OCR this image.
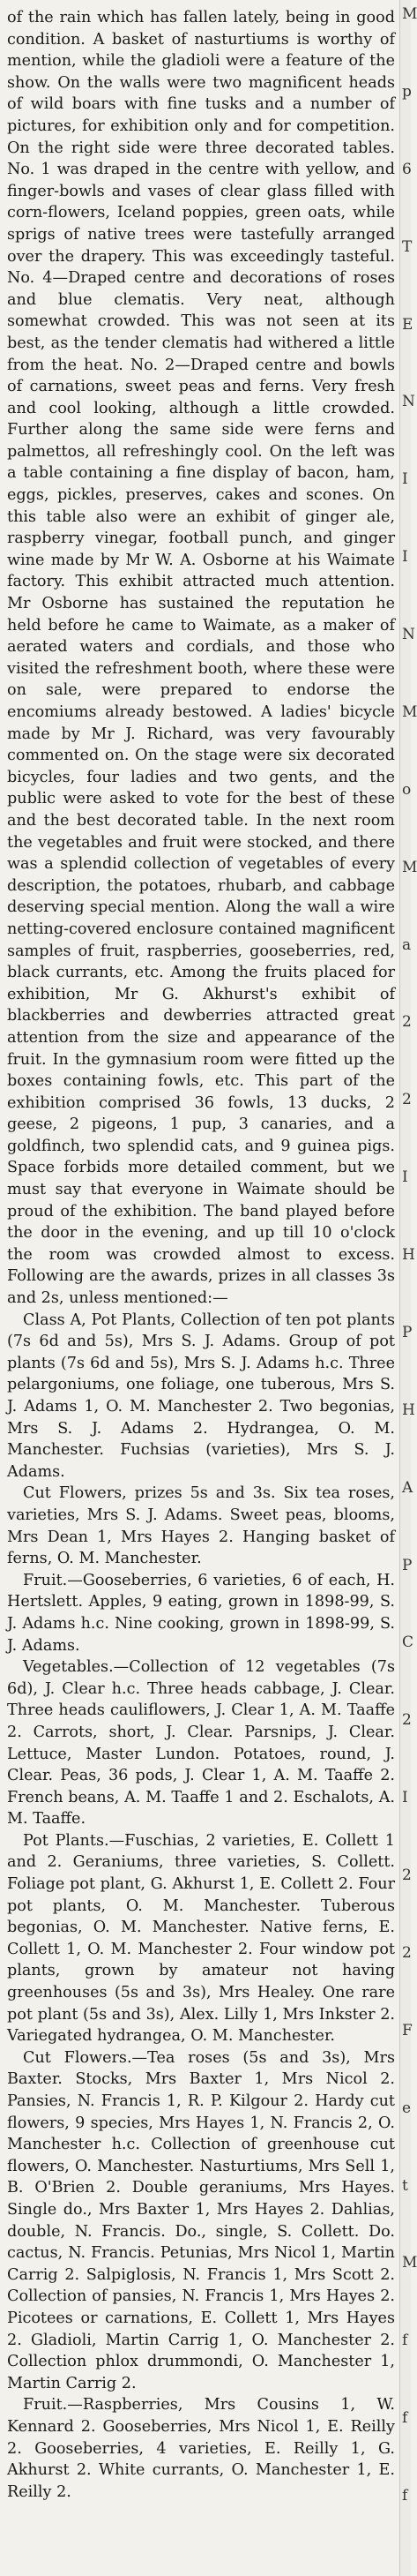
of the rain which has fallen lately, being in good condition. A basket of nasturtiums is worthy of mention, while the gladioli were a feature of the show. On the walls were two magnificent heads of wild boars with fine tusks and a number of pictures, for exhibition only and for competition. On the right side were three decorated tables. No. 1 was draped in the centre with yellow, and finger-bowls and vases of clear glass filled with corn-flowers, Iceland poppies, green oats, while sprigs of native trees were tastefully arranged over the drapery. This was exceedingly tasteful. No. 4—Draped centre and decorations of roses and blue clematis. Very neat, although somewhat crowded. This was not seen at its best, as the tender clematis had withered a little from the heat. No. 2—Draped centre and bowls of carnations, sweet peas and ferns. Very fresh and cool looking, although a little crowded. Further along the same side were ferns and palmettos, all refreshingly cool. On the left was a table containing a fine display of bacon, ham, eggs, pickles, preserves, cakes and scones. On this table also were an exhibit of ginger ale, raspberry vinegar, football punch, and ginger wine made by Mr W. A. Osborne at his Waimate factory. This exhibit attracted much attention. Mr Osborne has sustained the reputation he held before he came to Waimate, as a maker of aerated waters and cordials, and those who visited the refreshment booth, where these were on sale, were prepared to endorse the encomiums already bestowed. A ladies' bicycle made by Mr J. Richard, was very favourably commented on. On the stage were six decorated bicycles, four ladies and two gents, and the public were asked to vote for the best of these and the best decorated table. In the next room the vegetables and fruit were stocked, and there was a splendid collection of vegetables of every description, the potatoes, rhubarb, and cabbage deserving special mention. Along the wall a wire netting-covered enclosure contained magnificent samples of fruit, raspberries, gooseberries, red, black currants, etc. Among the fruits placed for exhibition, Mr G. Akhurst's exhibit of blackberries and dewberries attracted great attention from the size and appearance of the fruit. In the gymnasium room were fitted up the boxes containing fowls, etc. This part of the exhibition comprised 36 fowls, 13 ducks, 2 geese, 2 pigeons, 1 pup, 3 canaries, and a goldfinch, two splendid cats, and 9 guinea pigs. Space forbids more detailed comment, but we must say that everyone in Waimate should be proud of the exhibition. The band played before the door in the evening, and up till 10 o'clock the room was crowded almost to excess. Following are the awards, prizes in all classes 3s and 2s, unless mentioned:—

Class A, Pot Plants, Collection of ten pot plants (7s 6d and 5s), Mrs S. J. Adams. Group of pot plants (7s 6d and 5s), Mrs S. J. Adams h.c. Three pelargoniums, one foliage, one tuberous, Mrs S. J. Adams 1, O. M. Manchester 2. Two begonias, Mrs S. J. Adams 2. Hydrangea, O. M. Manchester. Fuchsias (varieties), Mrs S. J. Adams.

Cut Flowers, prizes 5s and 3s. Six tea roses, varieties, Mrs S. J. Adams. Sweet peas, blooms, Mrs Dean 1, Mrs Hayes 2. Hanging basket of ferns, O. M. Manchester.

Fruit.—Gooseberries, 6 varieties, 6 of each, H. Hertslett. Apples, 9 eating, grown in 1898-99, S. J. Adams h.c. Nine cooking, grown in 1898-99, S. J. Adams.

Vegetables.—Collection of 12 vegetables (7s 6d), J. Clear h.c. Three heads cabbage, J. Clear. Three heads cauliflowers, J. Clear 1, A. M. Taaffe 2. Carrots, short, J. Clear. Parsnips, J. Clear. Lettuce, Master Lundon. Potatoes, round, J. Clear. Peas, 36 pods, J. Clear 1, A. M. Taaffe 2. French beans, A. M. Taaffe 1 and 2. Eschalots, A. M. Taaffe.

Pot Plants.—Fuschias, 2 varieties, E. Collett 1 and 2. Geraniums, three varieties, S. Collett. Foliage pot plant, G. Akhurst 1, E. Collett 2. Four pot plants, O. M. Manchester. Tuberous begonias, O. M. Manchester. Native ferns, E. Collett 1, O. M. Manchester 2. Four window pot plants, grown by amateur not having greenhouses (5s and 3s), Mrs Healey. One rare pot plant (5s and 3s), Alex. Lilly 1, Mrs Inkster 2. Variegated hydrangea, O. M. Manchester.

Cut Flowers.—Tea roses (5s and 3s), Mrs Baxter. Stocks, Mrs Baxter 1, Mrs Nicol 2. Pansies, N. Francis 1, R. P. Kilgour 2. Hardy cut flowers, 9 species, Mrs Hayes 1, N. Francis 2, O. Manchester h.c. Collection of greenhouse cut flowers, O. Manchester. Nasturtiums, Mrs Sell 1, B. O'Brien 2. Double geraniums, Mrs Hayes. Single do., Mrs Baxter 1, Mrs Hayes 2. Dahlias, double, N. Francis. Do., single, S. Collett. Do. cactus, N. Francis. Petunias, Mrs Nicol 1, Martin Carrig 2. Salpiglosis, N. Francis 1, Mrs Scott 2. Collection of pansies, N. Francis 1, Mrs Hayes 2. Picotees or carnations, E. Collett 1, Mrs Hayes 2. Gladioli, Martin Carrig 1, O. Manchester 2. Collection phlox drummondi, O. Manchester 1, Martin Carrig 2.

Fruit.—Raspberries, Mrs Cousins 1, W. Kennard 2. Gooseberries, Mrs Nicol 1, E. Reilly 2. Gooseberries, 4 varieties, E. Reilly 1, G. Akhurst 2. White currants, O. Manchester 1, E. Reilly 2.

M
p
6
T
E
N
I
I
N
M
o
M
a
2
2
I
H
P
H
A
P
C
2
I
2
2
F
e
t
M
f
f
f
